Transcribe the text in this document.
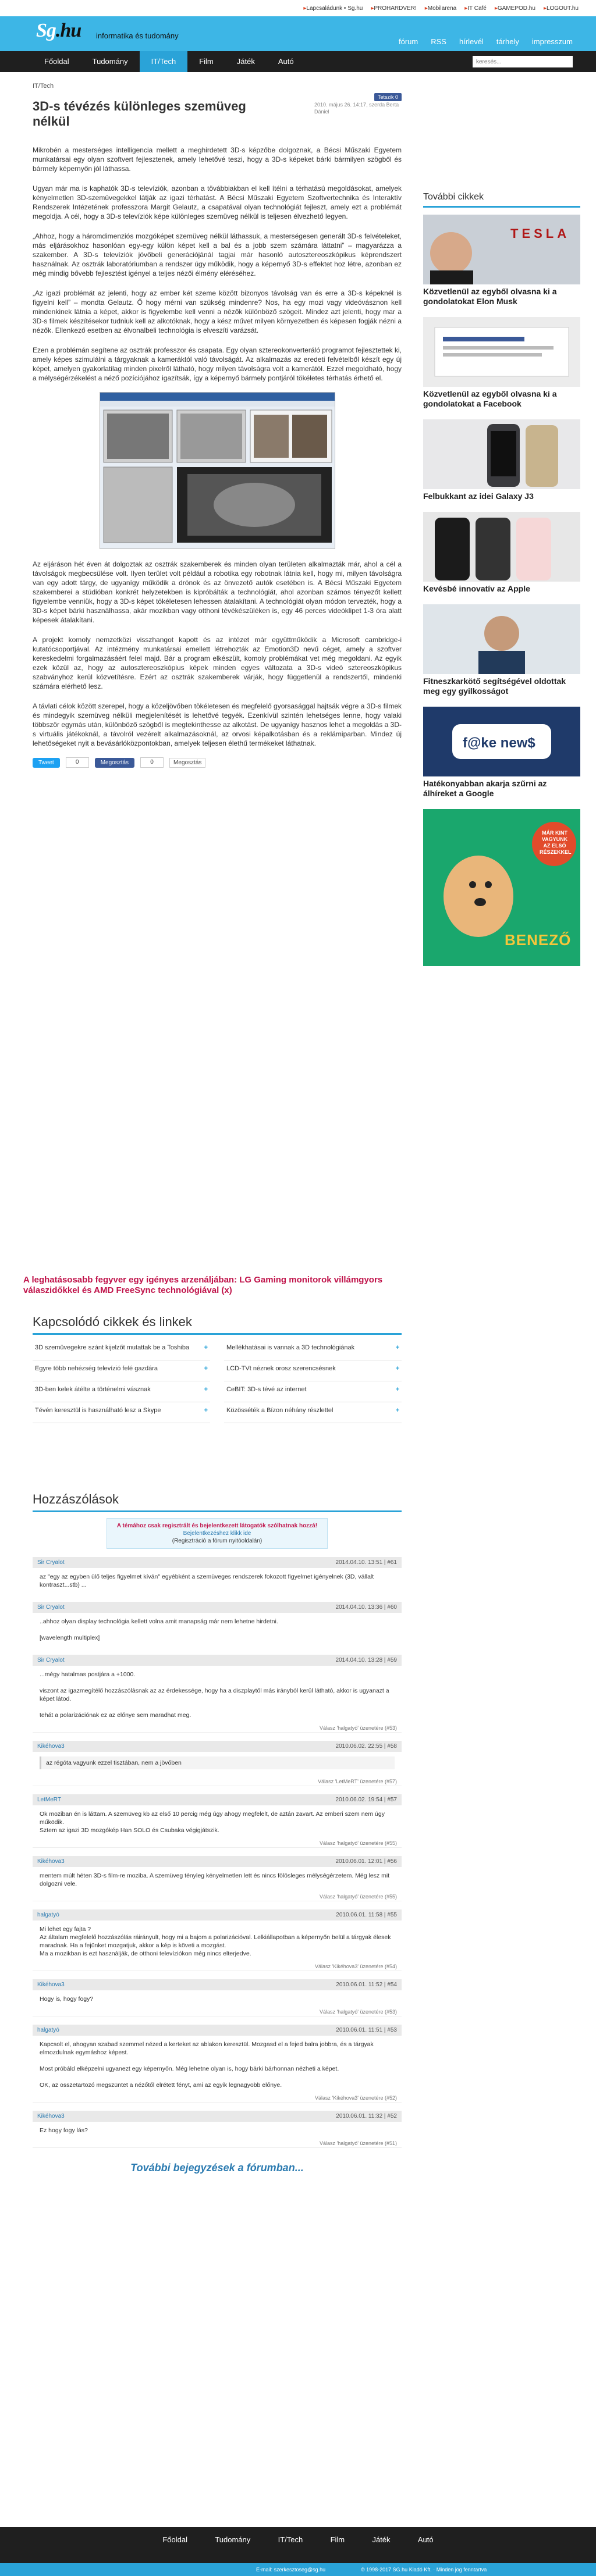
▸ Lapcsaládunk • Sg.hu	▸ PROHARDVER!	▸ Mobilarena	▸ IT Café	▸ GAMEPOD.hu	▸ LOGOUT.hu
Sg.hu informatika és tudomány
fórum RSS hírlevél tárhely impresszum
Főoldal	Tudomány	IT/Tech	Film	Játék	Autó
keresés...
IT/Tech
Tetszik 0
2010. május 26. 14:17, szerda Berta Dániel
3D-s tévézés különleges szemüveg nélkül

Mikrobén a mesterséges intelligencia mellett a meghirdetett 3D-s képzőbe dolgoznak, a Bécsi Műszaki Egyetem munkatársai egy olyan szoftvert fejlesztenek, amely lehetővé teszi, hogy a 3D-s képeket bárki bármilyen szögből és bármely képernyőn jól láthassa.

Ugyan már ma is kaphatók 3D-s televíziók, azonban a tövábbiakban el kell ítélni a térhatású megoldásokat, amelyek kényelmetlen 3D-szemüvegekkel látják az igazi térhatást. A Bécsi Műszaki Egyetem Szoftvertechnika és Interaktív Rendszerek Intézetének professzora Margit Gelautz, a csapatával olyan technológiát fejleszt, amely ezt a problémát megoldja. A cél, hogy a 3D-s televíziók képe különleges szemüveg nélkül is teljesen élvezhető legyen.

„Ahhoz, hogy a háromdimenziós mozgóképet szemüveg nélkül láthassuk, a mesterségesen generált 3D-s felvételeket, más eljárásokhoz hasonlóan egy-egy külön képet kell a bal és a jobb szem számára láttatni” – magyarázza a szakember. A 3D-s televíziók jövőbeli generációjánál tagjai már hasonló autosztereoszkópikus képrendszert használnak. Az osztrák laboratóriumban a rendszer úgy működik, hogy a képernyő 3D-s effektet hoz létre, azonban ez még mindig bővebb fejlesztést igényel a teljes nézői élmény eléréséhez.

„Az igazi problémát az jelenti, hogy az ember két szeme között bizonyos távolság van és erre a 3D-s képeknél is figyelni kell” – mondta Gelautz. Ő hogy mérni van szükség mindenre? Nos, ha egy mozi vagy videóvásznon kell mindenkinek látnia a képet, akkor is figyelembe kell venni a nézők különböző szögeit. Mindez azt jelenti, hogy mar a 3D-s filmek készítésekor tudniuk kell az alkotóknak, hogy a kész művet milyen környezetben és képesen fogják nézni a nézők. Ellenkező esetben az élvonalbeli technológia is elveszíti varázsát.

Ezen a problémán segítene az osztrák professzor és csapata. Egy olyan sztereokonverteráló programot fejlesztettek ki, amely képes szimulálni a tárgyaknak a kameráktól való távolságát. Az alkalmazás az eredeti felvételből készít egy új képet, amelyen gyakorlatilag minden pixelről látható, hogy milyen távolságra volt a kamerától. Ezzel megoldható, hogy a mélységérzékelést a néző pozíciójához igazítsák, így a képernyő bármely pontjáról tökéletes térhatás érhető el.

Az eljáráson hét éven át dolgoztak az osztrák szakemberek és minden olyan területen alkalmazták már, ahol a cél a távolságok megbecsülése volt. Ilyen terület volt például a robotika egy robotnak látnia kell, hogy mi, milyen távolságra van egy adott tárgy, de ugyanígy működik a drónok és az önvezető autók esetében is. A Bécsi Műszaki Egyetem szakemberei a stúdióban konkrét helyzetekben is kipróbálták a technológiát, ahol azonban számos tényezőt kellett figyelembe venniük, hogy a 3D-s képet tökéletesen lehessen átalakítani. A technológiát olyan módon tervezték, hogy a 3D-s képet bárki használhassa, akár mozikban vagy otthoni tévékészüléken is, egy 46 perces videóklipet 1-3 óra alatt képesek átalakítani.

A projekt komoly nemzetközi visszhangot kapott és az intézet már együttműködik a Microsoft cambridge-i kutatócsoportjával. Az intézmény munkatársai emellett létrehozták az Emotion3D nevű céget, amely a szoftver kereskedelmi forgalmazásáért felel majd. Bár a program elkészült, komoly problémákat vet még megoldani. Az egyik ezek közül az, hogy az autosztereoszkópius képek minden egyes változata a 3D-s videó sztereoszkópikus szabványhoz kerül közvetítésre. Ezért az osztrák szakemberek várják, hogy függetlenül a rendszertől, mindenki számára elérhető lesz.

A távlati célok között szerepel, hogy a közeljövőben tökéletesen és megfelelő gyorsasággal hajtsák végre a 3D-s filmek és mindegyik szemüveg nélküli megjelenítését is lehetővé tegyék. Ezenkívül szintén lehetséges lenne, hogy valaki többször egymás után, különböző szögből is megtekinthesse az alkotást. De ugyanígy hasznos lehet a megoldás a 3D-s virtuális játékoknál, a távolról vezérelt alkalmazásoknál, az orvosi képalkotásban és a reklámiparban. Mindez új lehetőségeket nyit a bevásárlóközpontokban, amelyek teljesen élethű termékeket láthatnak.

Tweet	0	Megosztás	0	Megosztás
A leghatásosabb fegyver egy igényes arzenáljában: LG Gaming monitorok villámgyors válaszidőkkel és AMD FreeSync technológiával (x)
Kapcsolódó cikkek és linkek
3D szemüvegekre szánt kijelzőt mutattak be a Toshiba +	Mellékhatásai is vannak a 3D technológiának	+
Egyre több nehézség televízió felé gazdára	+	LCD-TVt néznek orosz szerencsésnek	+
3D-ben kelek átélte a történelmi vásznak	+	CeBIT: 3D-s tévé az internet	+
Tévén keresztül is használható lesz a Skype	+	Közösséték a Bízon néhány részlettel	+
Hozzászólások
A témához csak regisztrált és bejelentkezett látogatók szólhatnak hozzá!
Bejelentkezéshez klikk ide
(Regisztráció a fórum nyitóoldalán)
Sir Cryalot	2014.04.10. 13:51 | #61
az "egy az egyben ülő teljes figyelmet kíván" egyébként a szemüveges rendszerek fokozott figyelmet igényelnek (3D, vállalt kontraszt...stb) ...
Sir Cryalot	2014.04.10. 13:36 | #60
..ahhoz olyan display technológia kellett volna amit manapság már nem lehetne hirdetni.

[wavelength multiplex]
Sir Cryalot	2014.04.10. 13:28 | #59
...mégy hatalmas postjára a +1000.

viszont az igazmegítélő hozzászólásnak az az érdekessége, hogy ha a diszplaytől más irányból kerül látható, akkor is ugyanazt a képet látod.

tehát a polarizációnak ez az előnye sem maradhat meg.
Válasz 'halgatyó' üzenetére (#53)
Kikéhova3	2010.06.02. 22:55 | #58
az régóta vagyunk ezzel tisztában, nem a jövőben
Válasz 'LetMeRT' üzenetére (#57)
LetMeRT	2010.06.02. 19:54 | #57
Ok moziban én is láttam. A szemüveg kb az első 10 percig még úgy ahogy megfelelt, de aztán zavart. Az emberi szem nem úgy működik.
Sztem az igazi 3D mozgókép Han SOLO és Csubaka végigjátszik.
Válasz 'halgatyó' üzenetére (#55)
Kikéhova3	2010.06.01. 12:01 | #56
mentem múlt héten 3D-s film-re moziba. A szemüveg tényleg kényelmetlen lett és nincs fölösleges mélységérzetem. Még lesz mit dolgozni vele.
Válasz 'halgatyó' üzenetére (#55)
halgatyó	2010.06.01. 11:58 | #55
Mi lehet egy fajta ?
Az általam megfelelő hozzászólás ráirányult, hogy mi a bajom a polarizációval. Lelkiállapotban a képernyőn belül a tárgyak élesek maradnak. Ha a fejünket mozgatjuk, akkor a kép is követi a mozgást.
Ma a mozikban is ezt használják, de otthoni televíziókon még nincs elterjedve.
Válasz 'Kikéhova3' üzenetére (#54)
Kikéhova3	2010.06.01. 11:52 | #54
Hogy is, hogy fogy?
Válasz 'halgatyó' üzenetére (#53)
halgatyó	2010.06.01. 11:51 | #53
Kapcsolt el, ahogyan szabad szemmel nézed a kerteket az ablakon keresztül. Mozgasd el a fejed balra jobbra, és a tárgyak elmozdulnak egymáshoz képest.

Most próbáld elképzelni ugyanezt egy képernyőn. Még lehetne olyan is, hogy bárki bárhonnan nézheti a képet.

OK, az osszetartozó megszüntet a nézőtől elrétett fényt, ami az egyik legnagyobb előnye.
Válasz 'Kikéhova3' üzenetére (#52)
Kikéhova3	2010.06.01. 11:32 | #52
Ez hogy fogy lás?
Válasz 'halgatyó' üzenetére (#51)
További bejegyzések a fórumban...
További cikkek
TESLA
Közvetlenül az egyből olvasna ki a gondolatokat Elon Musk
Közvetlenül az egyből olvasna ki a gondolatokat a Facebook
Felbukkant az idei Galaxy J3
Kevésbé innovatív az Apple
Fitneszkarkötő segítségével oldottak meg egy gyilkosságot
f@ke new$
Hatékonyabban akarja szűrni az álhíreket a Google
MÁR KINT VAGYUNK AZ ELSŐ RÉSZEKKEL
BENEZŐ
Főoldal	Tudomány	IT/Tech	Film	Játék	Autó
E-mail: szerkesztoseg@sg.hu	© 1998-2017 SG.hu Kiadó Kft. · Minden jog fenntartva
